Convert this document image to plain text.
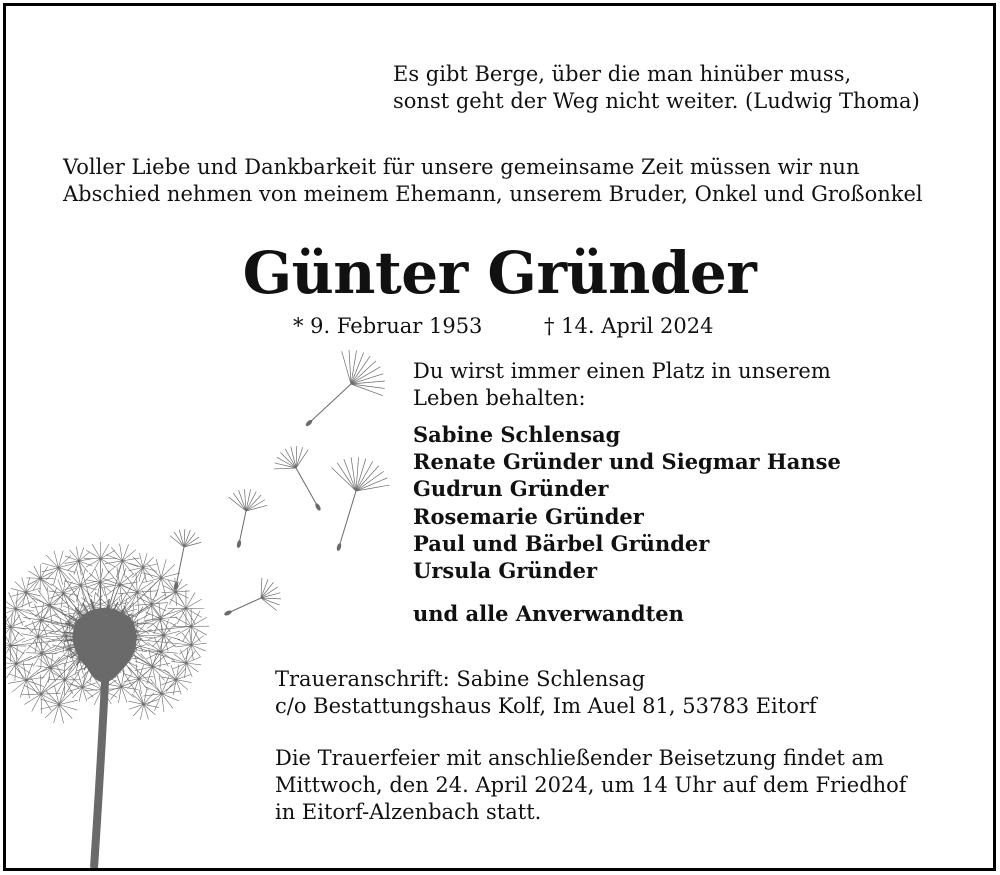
Es gibt Berge, über die man hinüber muss,
sonst geht der Weg nicht weiter. (Ludwig Thoma)
Voller Liebe und Dankbarkeit für unsere gemeinsame Zeit müssen wir nun
Abschied nehmen von meinem Ehemann, unserem Bruder, Onkel und Großonkel
Günter Gründer
* 9. Februar 1953	† 14. April 2024
Du wirst immer einen Platz in unserem
Leben behalten:
Sabine Schlensag
Renate Gründer und Siegmar Hanse
Gudrun Gründer
Rosemarie Gründer
Paul und Bärbel Gründer
Ursula Gründer
und alle Anverwandten
Traueranschrift: Sabine Schlensag
c/o Bestattungshaus Kolf, Im Auel 81, 53783 Eitorf
Die Trauerfeier mit anschließender Beisetzung findet am
Mittwoch, den 24. April 2024, um 14 Uhr auf dem Friedhof
in Eitorf-Alzenbach statt.
